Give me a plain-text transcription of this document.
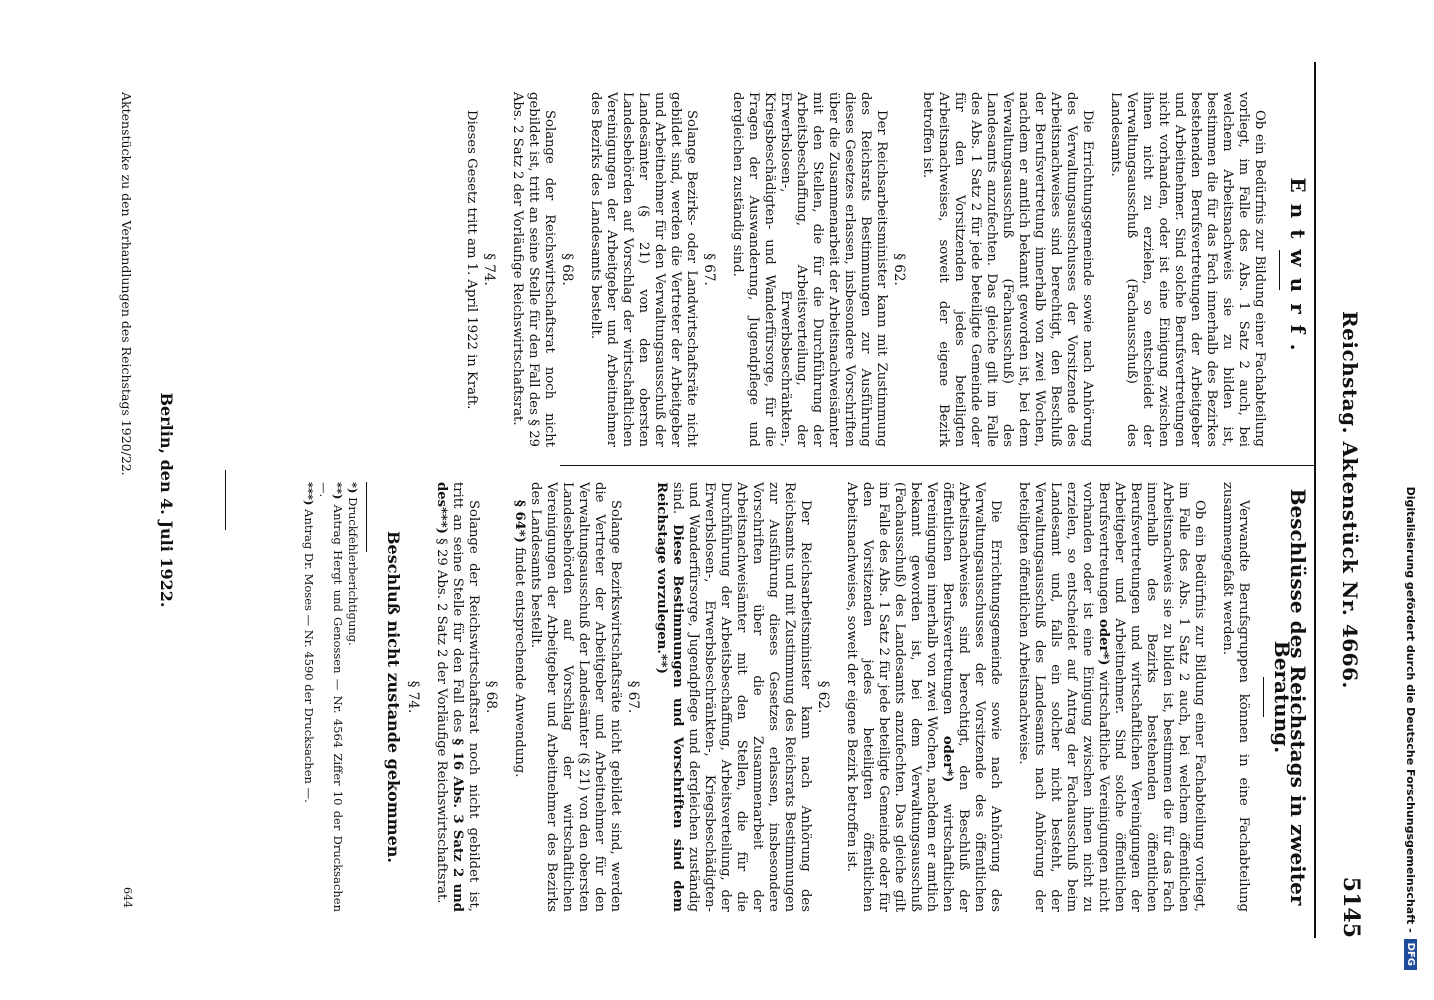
Reichstag. Aktenstück Nr. 4666.
5145
Entwurf.

Ob ein Bedürfnis zur Bildung einer Fachabteilung vorliegt, im Falle des Abs. 1 Satz 2 auch, bei welchem Arbeitsnachweis sie zu bilden ist, bestimmen die für das Fach innerhalb des Bezirkes bestehenden Berufsvertretungen der Arbeitgeber und Arbeitnehmer. Sind solche Berufsvertretungen nicht vorhanden, oder ist eine Einigung zwischen ihnen nicht zu erzielen, so entscheidet der Verwaltungsausschuß (Fachausschuß) des Landesamts.

Die Errichtungsgemeinde sowie nach Anhörung des Verwaltungsausschusses der Vorsitzende des Arbeitsnachweises sind berechtigt, den Beschluß der Berufsvertretung innerhalb von zwei Wochen, nachdem er amtlich bekannt geworden ist, bei dem Verwaltungsausschuß (Fachausschuß) des Landesamts anzufechten. Das gleiche gilt im Falle des Abs. 1 Satz 2 für jede beteiligte Gemeinde oder für den Vorsitzenden jedes beteiligten Arbeitsnachweises, soweit der eigene Bezirk betroffen ist.

§ 62.

Der Reichsarbeitsminister kann mit Zustimmung des Reichsrats Bestimmungen zur Ausführung dieses Gesetzes erlassen, insbesondere Vorschriften über die Zusammenarbeit der Arbeitsnachweisämter mit den Stellen, die für die Durchführung der Arbeitsbeschaffung, Arbeitsverteilung, der Erwerbslosen-, Erwerbsbeschränkten-, Kriegsbeschädigten- und Wanderfürsorge, für die Fragen der Auswanderung, Jugendpflege und dergleichen zuständig sind.

§ 67.

Solange Bezirks- oder Landwirtschaftsräte nicht gebildet sind, werden die Vertreter der Arbeitgeber und Arbeitnehmer für den Verwaltungsausschuß der Landesämter (§ 21) von den obersten Landesbehörden auf Vorschlag der wirtschaftlichen Vereinigungen der Arbeitgeber und Arbeitnehmer des Bezirks des Landesamts bestellt.

§ 68.

Solange der Reichswirtschaftsrat noch nicht gebildet ist, tritt an seine Stelle für den Fall des § 29 Abs. 2 Satz 2 der Vorläufige Reichswirtschaftsrat.

§ 74.

Dieses Gesetz tritt am 1. April 1922 in Kraft.

Beschlüsse des Reichstags in zweiter Beratung.

Verwandte Berufsgruppen können in eine Fachabteilung zusammengefaßt werden.

Ob ein Bedürfnis zur Bildung einer Fachabteilung vorliegt, im Falle des Abs. 1 Satz 2 auch, bei welchem öffentlichen Arbeitsnachweis sie zu bilden ist, bestimmen die für das Fach innerhalb des Bezirks bestehenden öffentlichen Berufsvertretungen und wirtschaftlichen Vereinigungen der Arbeitgeber und Arbeitnehmer. Sind solche öffentlichen Berufsvertretungen oder*) wirtschaftliche Vereinigungen nicht vorhanden oder ist eine Einigung zwischen ihnen nicht zu erzielen, so entscheidet auf Antrag der Fachausschuß beim Landesamt und, falls ein solcher nicht besteht, der Verwaltungsausschuß des Landesamts nach Anhörung der beteiligten öffentlichen Arbeitsnachweise.

Die Errichtungsgemeinde sowie nach Anhörung des Verwaltungsausschusses der Vorsitzende des öffentlichen Arbeitsnachweises sind berechtigt, den Beschluß der öffentlichen Berufsvertretungen oder*) wirtschaftlichen Vereinigungen innerhalb von zwei Wochen, nachdem er amtlich bekannt geworden ist, bei dem Verwaltungsausschuß (Fachausschuß) des Landesamts anzufechten. Das gleiche gilt im Falle des Abs. 1 Satz 2 für jede beteiligte Gemeinde oder für den Vorsitzenden jedes beteiligten öffentlichen Arbeitsnachweises, soweit der eigene Bezirk betroffen ist.

§ 62.

Der Reichsarbeitsminister kann nach Anhörung des Reichsamts und mit Zustimmung des Reichsrats Bestimmungen zur Ausführung dieses Gesetzes erlassen, insbesondere Vorschriften über die Zusammenarbeit der Arbeitsnachweisämter mit den Stellen, die für die Durchführung der Arbeitsbeschaffung, Arbeitsverteilung, der Erwerbslosen-, Erwerbsbeschränkten-, Kriegsbeschädigten- und Wanderfürsorge, Jugendpflege und dergleichen zuständig sind. Diese Bestimmungen und Vorschriften sind dem Reichstage vorzulegen.**)

§ 67.

Solange Bezirkswirtschaftsräte nicht gebildet sind, werden die Vertreter der Arbeitgeber und Arbeitnehmer für den Verwaltungsausschuß der Landesämter (§ 21) von den obersten Landesbehörden auf Vorschlag der wirtschaftlichen Vereinigungen der Arbeitgeber und Arbeitnehmer des Bezirks des Landesamts bestellt.

§ 64*) findet entsprechende Anwendung.

§ 68.

Solange der Reichswirtschaftsrat noch nicht gebildet ist, tritt an seine Stelle für den Fall des § 16 Abs. 3 Satz 2 und des***) § 29 Abs. 2 Satz 2 der Vorläufige Reichswirtschaftsrat.

§ 74.
Beschluß nicht zustande gekommen.

*) Druckfehlerberichtigung.

**) Antrag Hergt und Genossen — Nr. 4564 Ziffer 10 der Drucksachen —.

***) Antrag Dr. Moses — Nr. 4590 der Drucksachen —.

Berlin, den 4. Juli 1922.
Aktenstücke zu den Verhandlungen des Reichstags 1920/22.
644	Digitalisierung gefördert durch die Deutsche Forschungsgemeinschaft -
DFG
